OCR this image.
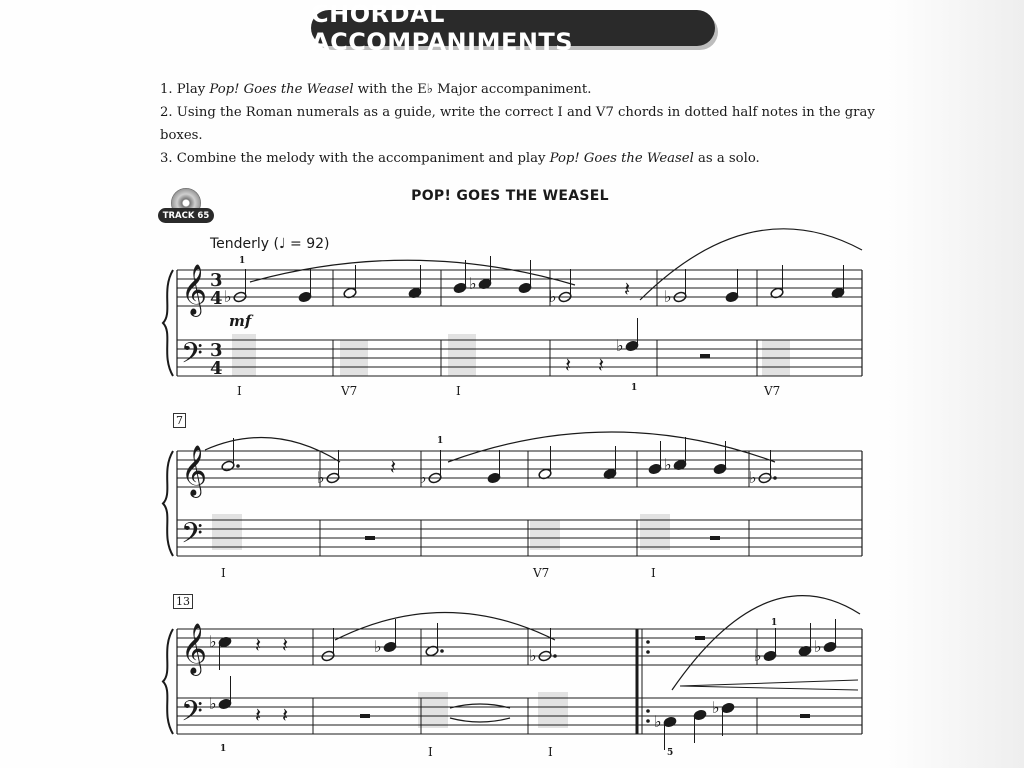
CHORDAL ACCOMPANIMENTS

1. Play Pop! Goes the Weasel with the E♭ Major accompaniment.

2. Using the Roman numerals as a guide, write the correct I and V7 chords in dotted half notes in the gray boxes.

3. Combine the melody with the accompaniment and play Pop! Goes the Weasel as a solo.

TRACK 65
POP! GOES THE WEASEL
Tenderly (♩ = 92)
mf
𝄞
𝄢
𝄞
𝄢
𝄞
𝄢
3
4
3
4
♭
♭
♭	𝄽 ♭
𝄽 𝄽
♭
♭	𝄽 ♭
♭
♭
♭ 𝄽 𝄽	♭	♭	♭	♭
♭ 𝄽 𝄽	♭
♭
I	V7	I	V7
1
1
7
I	V7	I
1
13
I	I
1
1
5
